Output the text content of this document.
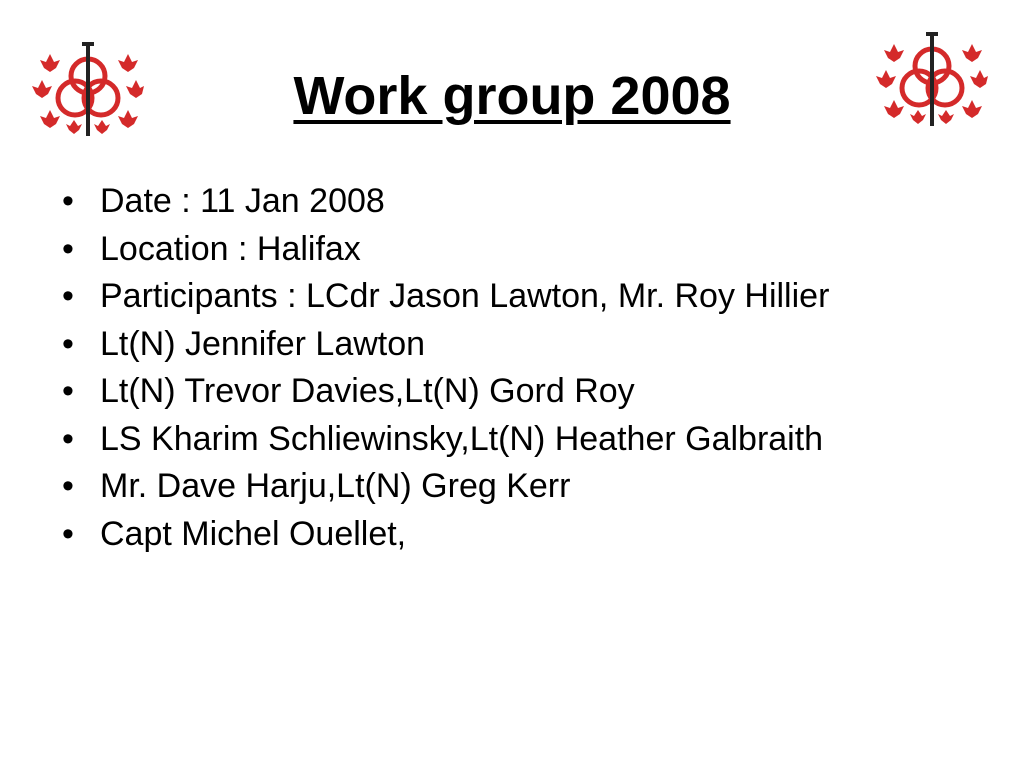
Work group 2008
• Date : 11 Jan 2008
• Location : Halifax
• Participants : LCdr Jason Lawton, Mr. Roy Hillier
• Lt(N) Jennifer Lawton
• Lt(N) Trevor Davies,Lt(N) Gord Roy
• LS Kharim Schliewinsky,Lt(N) Heather Galbraith
• Mr. Dave Harju,Lt(N) Greg Kerr
• Capt Michel Ouellet,
